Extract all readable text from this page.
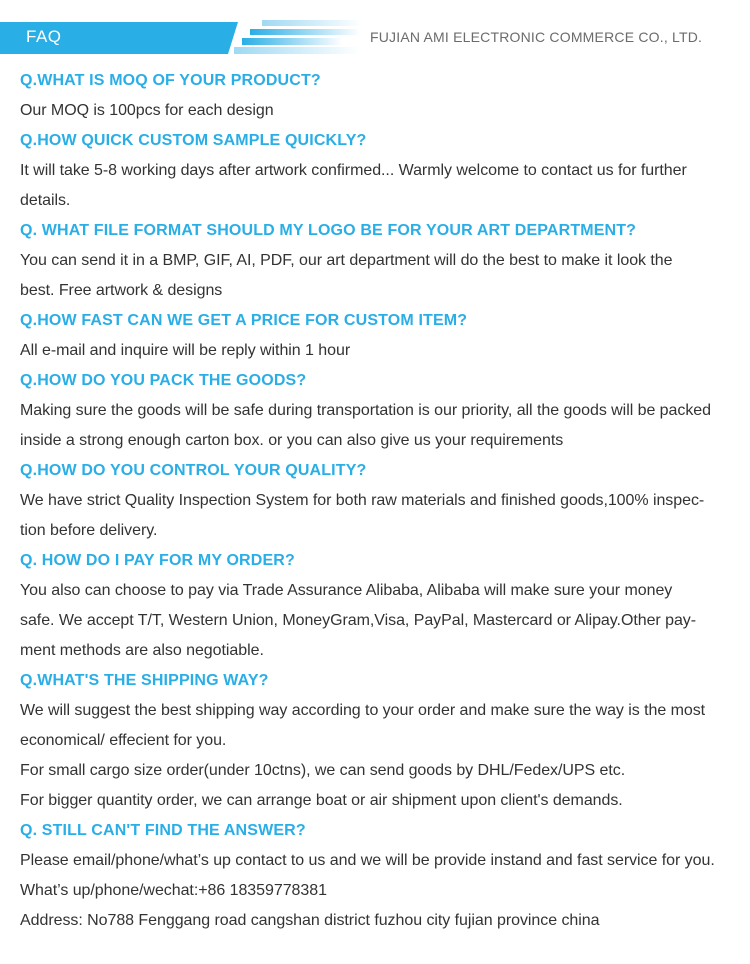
FAQ	FUJIAN AMI ELECTRONIC COMMERCE CO., LTD.
Q.WHAT IS MOQ OF YOUR PRODUCT?
Our MOQ is 100pcs for each design
Q.HOW QUICK CUSTOM SAMPLE QUICKLY?
It will take 5-8 working days after artwork confirmed... Warmly welcome to contact us for further
details.
Q. WHAT FILE FORMAT SHOULD MY LOGO BE FOR YOUR ART DEPARTMENT?
You can send it in a BMP, GIF, AI, PDF, our art department will do the best to make it look the
best. Free artwork & designs
Q.HOW FAST CAN WE GET A PRICE FOR CUSTOM ITEM?
All e-mail and inquire will be reply within 1 hour
Q.HOW DO YOU PACK THE GOODS?
Making sure the goods will be safe during transportation is our priority, all the goods will be packed
inside a strong enough carton box. or you can also give us your requirements
Q.HOW DO YOU CONTROL YOUR QUALITY?
We have strict Quality Inspection System for both raw materials and finished goods,100% inspec-
tion before delivery.
Q. HOW DO I PAY FOR MY ORDER?
You also can choose to pay via Trade Assurance Alibaba, Alibaba will make sure your money
safe. We accept T/T, Western Union, MoneyGram,Visa, PayPal, Mastercard or Alipay.Other pay-
ment methods are also negotiable.
Q.WHAT'S THE SHIPPING WAY?
We will suggest the best shipping way according to your order and make sure the way is the most
economical/ effecient for you.
For small cargo size order(under 10ctns), we can send goods by DHL/Fedex/UPS etc.
For bigger quantity order, we can arrange boat or air shipment upon client's demands.
Q. STILL CAN'T FIND THE ANSWER?
Please email/phone/what’s up contact to us and we will be provide instand and fast service for you.
What’s up/phone/wechat:+86 18359778381
Address: No788 Fenggang road cangshan district fuzhou city fujian province china
